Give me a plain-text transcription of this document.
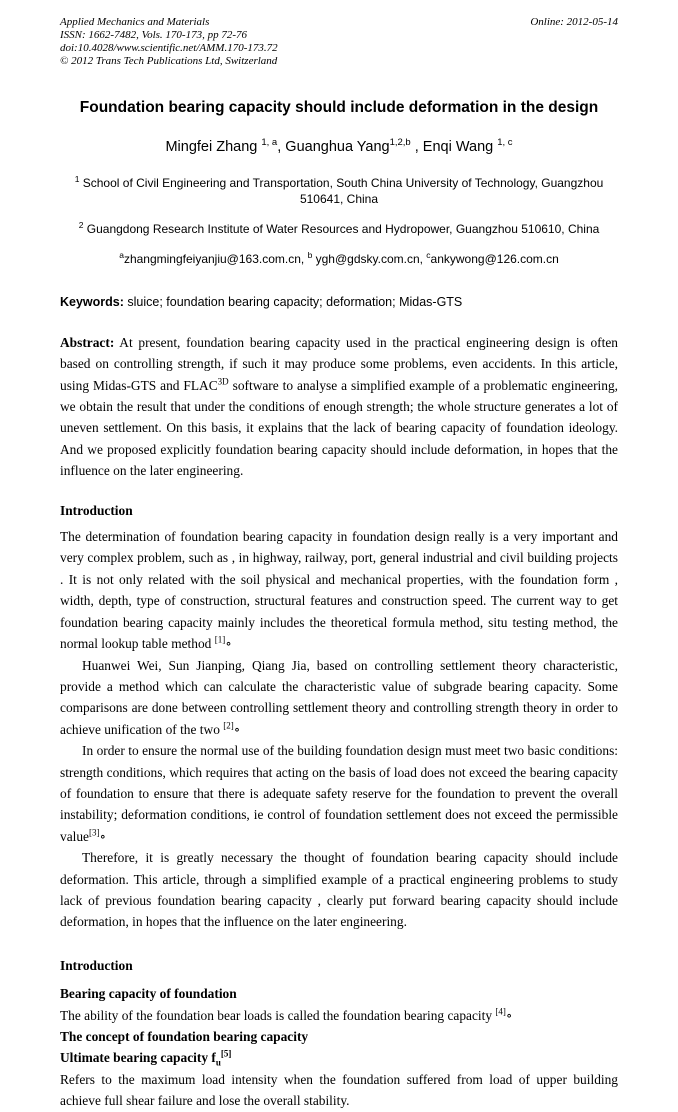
Applied Mechanics and Materials
ISSN: 1662-7482, Vols. 170-173, pp 72-76
doi:10.4028/www.scientific.net/AMM.170-173.72
© 2012 Trans Tech Publications Ltd, Switzerland
Online: 2012-05-14
Foundation bearing capacity should include deformation in the design
Mingfei Zhang $^{1, a}$, Guanghua Yang$^{1,2,b}$ , Enqi Wang $^{1, c}$
$^1$ School of Civil Engineering and Transportation, South China University of Technology, Guangzhou 510641, China
$^2$ Guangdong Research Institute of Water Resources and Hydropower, Guangzhou 510610, China
$^a$zhangmingfeiyanjiu@163.com.cn, $^b$ ygh@gdsky.com.cn, $^c$ankywong@126.com.cn
Keywords: sluice; foundation bearing capacity; deformation; Midas-GTS

Abstract: At present, foundation bearing capacity used in the practical engineering design is often based on controlling strength, if such it may produce some problems, even accidents. In this article, using Midas-GTS and $FLAC^{3D}$ software to analyse a simplified example of a problematic engineering, we obtain the result that under the conditions of enough strength; the whole structure generates a lot of uneven settlement. On this basis, it explains that the lack of bearing capacity of foundation ideology. And we proposed explicitly foundation bearing capacity should include deformation, in hopes that the influence on the later engineering.

Introduction

The determination of foundation bearing capacity in foundation design really is a very important and very complex problem, such as , in highway, railway, port, general industrial and civil building projects . It is not only related with the soil physical and mechanical properties, with the foundation form , width, depth, type of construction, structural features and construction speed. The current way to get foundation bearing capacity mainly includes the theoretical formula method, situ testing method, the normal lookup table method [1]∘

Huanwei Wei, Sun Jianping, Qiang Jia, based on controlling settlement theory characteristic, provide a method which can calculate the characteristic value of subgrade bearing capacity. Some comparisons are done between controlling settlement theory and controlling strength theory in order to achieve unification of the two [2]∘

In order to ensure the normal use of the building foundation design must meet two basic conditions: strength conditions, which requires that acting on the basis of load does not exceed the bearing capacity of foundation to ensure that there is adequate safety reserve for the foundation to prevent the overall instability; deformation conditions, ie control of foundation settlement does not exceed the permissible value[3]∘

Therefore, it is greatly necessary the thought of foundation bearing capacity should include deformation. This article, through a simplified example of a practical engineering problems to study lack of previous foundation bearing capacity , clearly put forward bearing capacity should include deformation, in hopes that the influence on the later engineering.

Introduction

Bearing capacity of foundation

The ability of the foundation bear loads is called the foundation bearing capacity [4]∘

The concept of foundation bearing capacity

Ultimate bearing capacity $f_u[5]$

Refers to the maximum load intensity when the foundation suffered from load of upper building achieve full shear failure and lose the overall stability.
